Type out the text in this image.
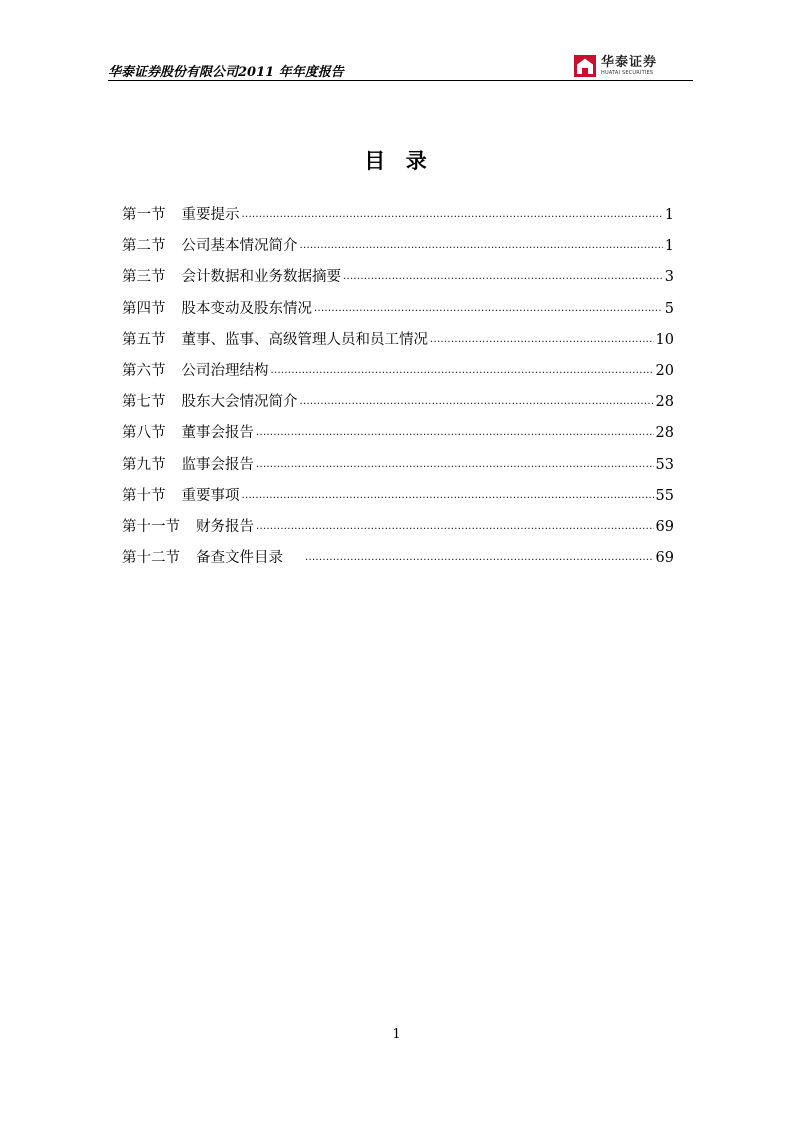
华泰证券股份有限公司2011 年年度报告
华泰证券
HUATAI SECURITIES
目  录
第一节 重要提示 .....	1
第二节 公司基本情况简介 .....	1
第三节 会计数据和业务数据摘要 .....	3
第四节 股本变动及股东情况 .....	5
第五节 董事、监事、高级管理人员和员工情况 .....	10
第六节 公司治理结构 .....	20
第七节 股东大会情况简介 .....	28
第八节 董事会报告 .....	28
第九节 监事会报告 .....	53
第十节 重要事项 .....	55
第十一节 财务报告 .....	69
第十二节 备查文件目录 .....	69
1
